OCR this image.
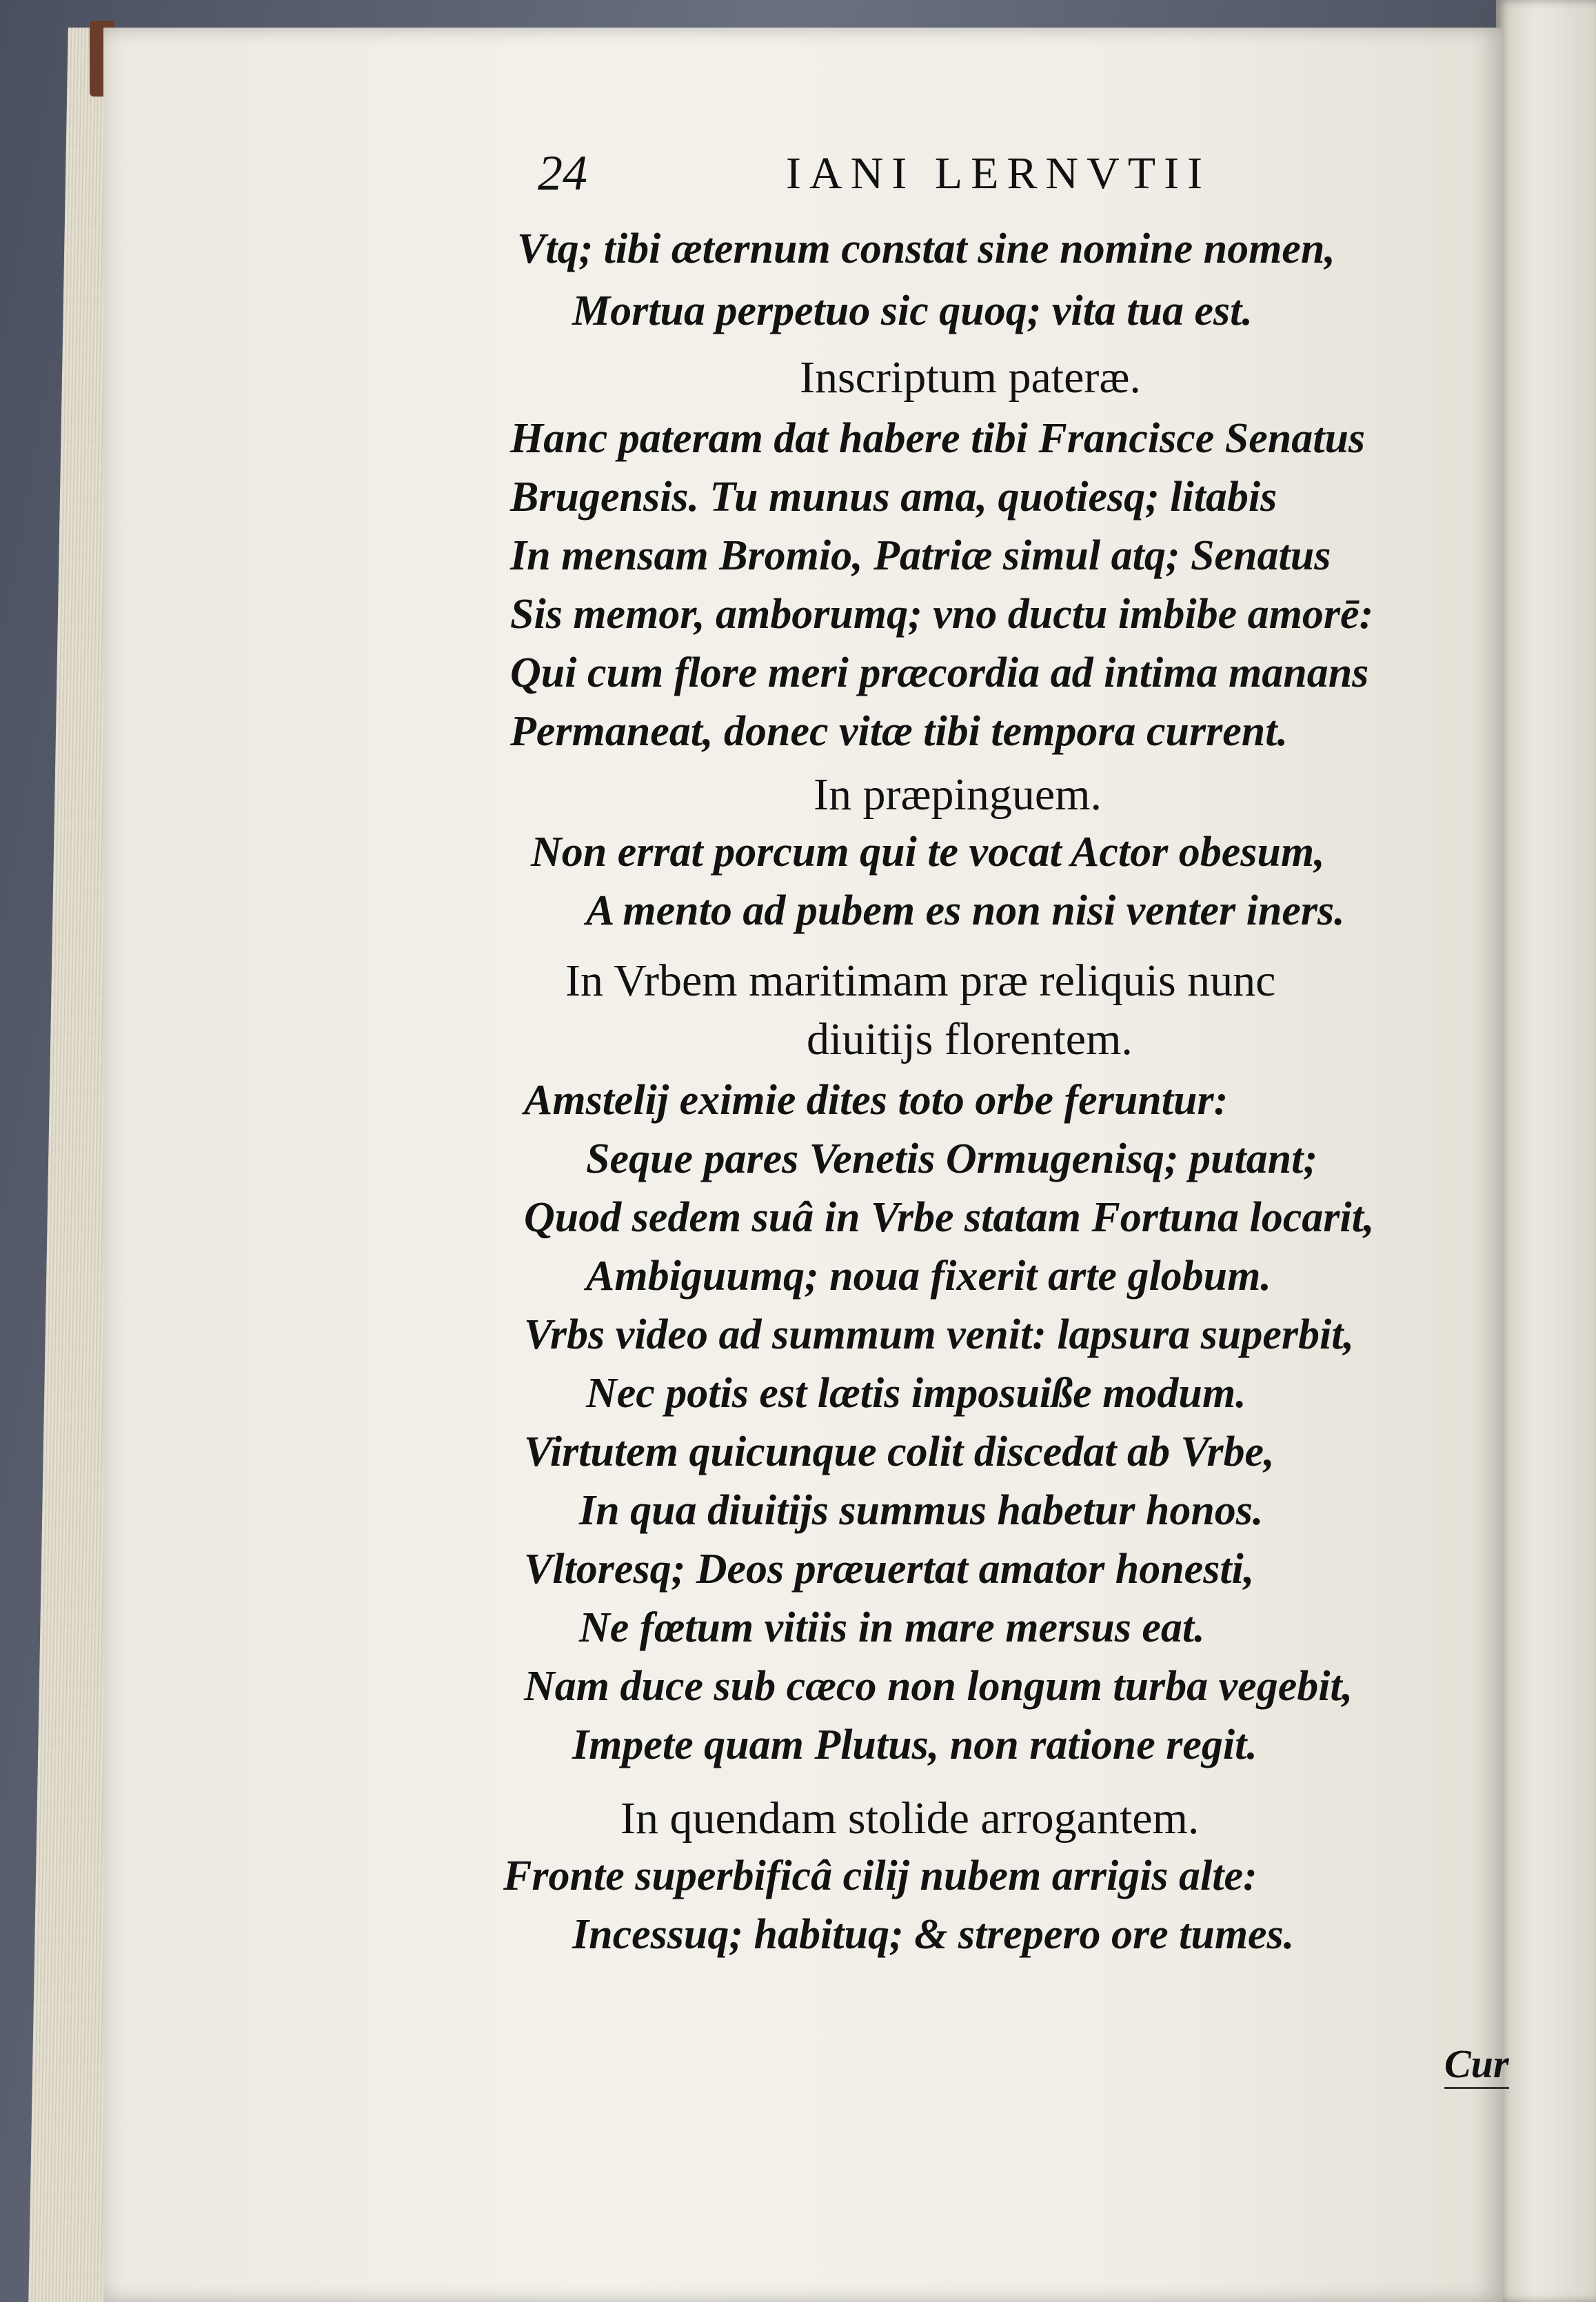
24	IANI LERNVTII
Vtq; tibi æternum constat sine nomine nomen,
Mortua perpetuo sic quoq; vita tua est.
Inscriptum pateræ.
Hanc pateram dat habere tibi Francisce Senatus
Brugensis. Tu munus ama, quotiesq; litabis
In mensam Bromio, Patriæ simul atq; Senatus
Sis memor, amborumq; vno ductu imbibe amorē:
Qui cum flore meri præcordia ad intima manans
Permaneat, donec vitæ tibi tempora current.
In præpinguem.
Non errat porcum qui te vocat Actor obesum,
A mento ad pubem es non nisi venter iners.
In Vrbem maritimam præ reliquis nunc
diuitijs florentem.
Amstelij eximie dites toto orbe feruntur:
Seque pares Venetis Ormugenisq; putant;
Quod sedem suâ in Vrbe statam Fortuna locarit,
Ambiguumq; noua fixerit arte globum.
Vrbs video ad summum venit: lapsura superbit,
Nec potis est lætis imposuiße modum.
Virtutem quicunque colit discedat ab Vrbe,
In qua diuitijs summus habetur honos.
Vltoresq; Deos præuertat amator honesti,
Ne fœtum vitiis in mare mersus eat.
Nam duce sub cæco non longum turba vegebit,
Impete quam Plutus, non ratione regit.
In quendam stolide arrogantem.
Fronte superbificâ cilij nubem arrigis alte:
Incessuq; habituq; & strepero ore tumes.
Cur
